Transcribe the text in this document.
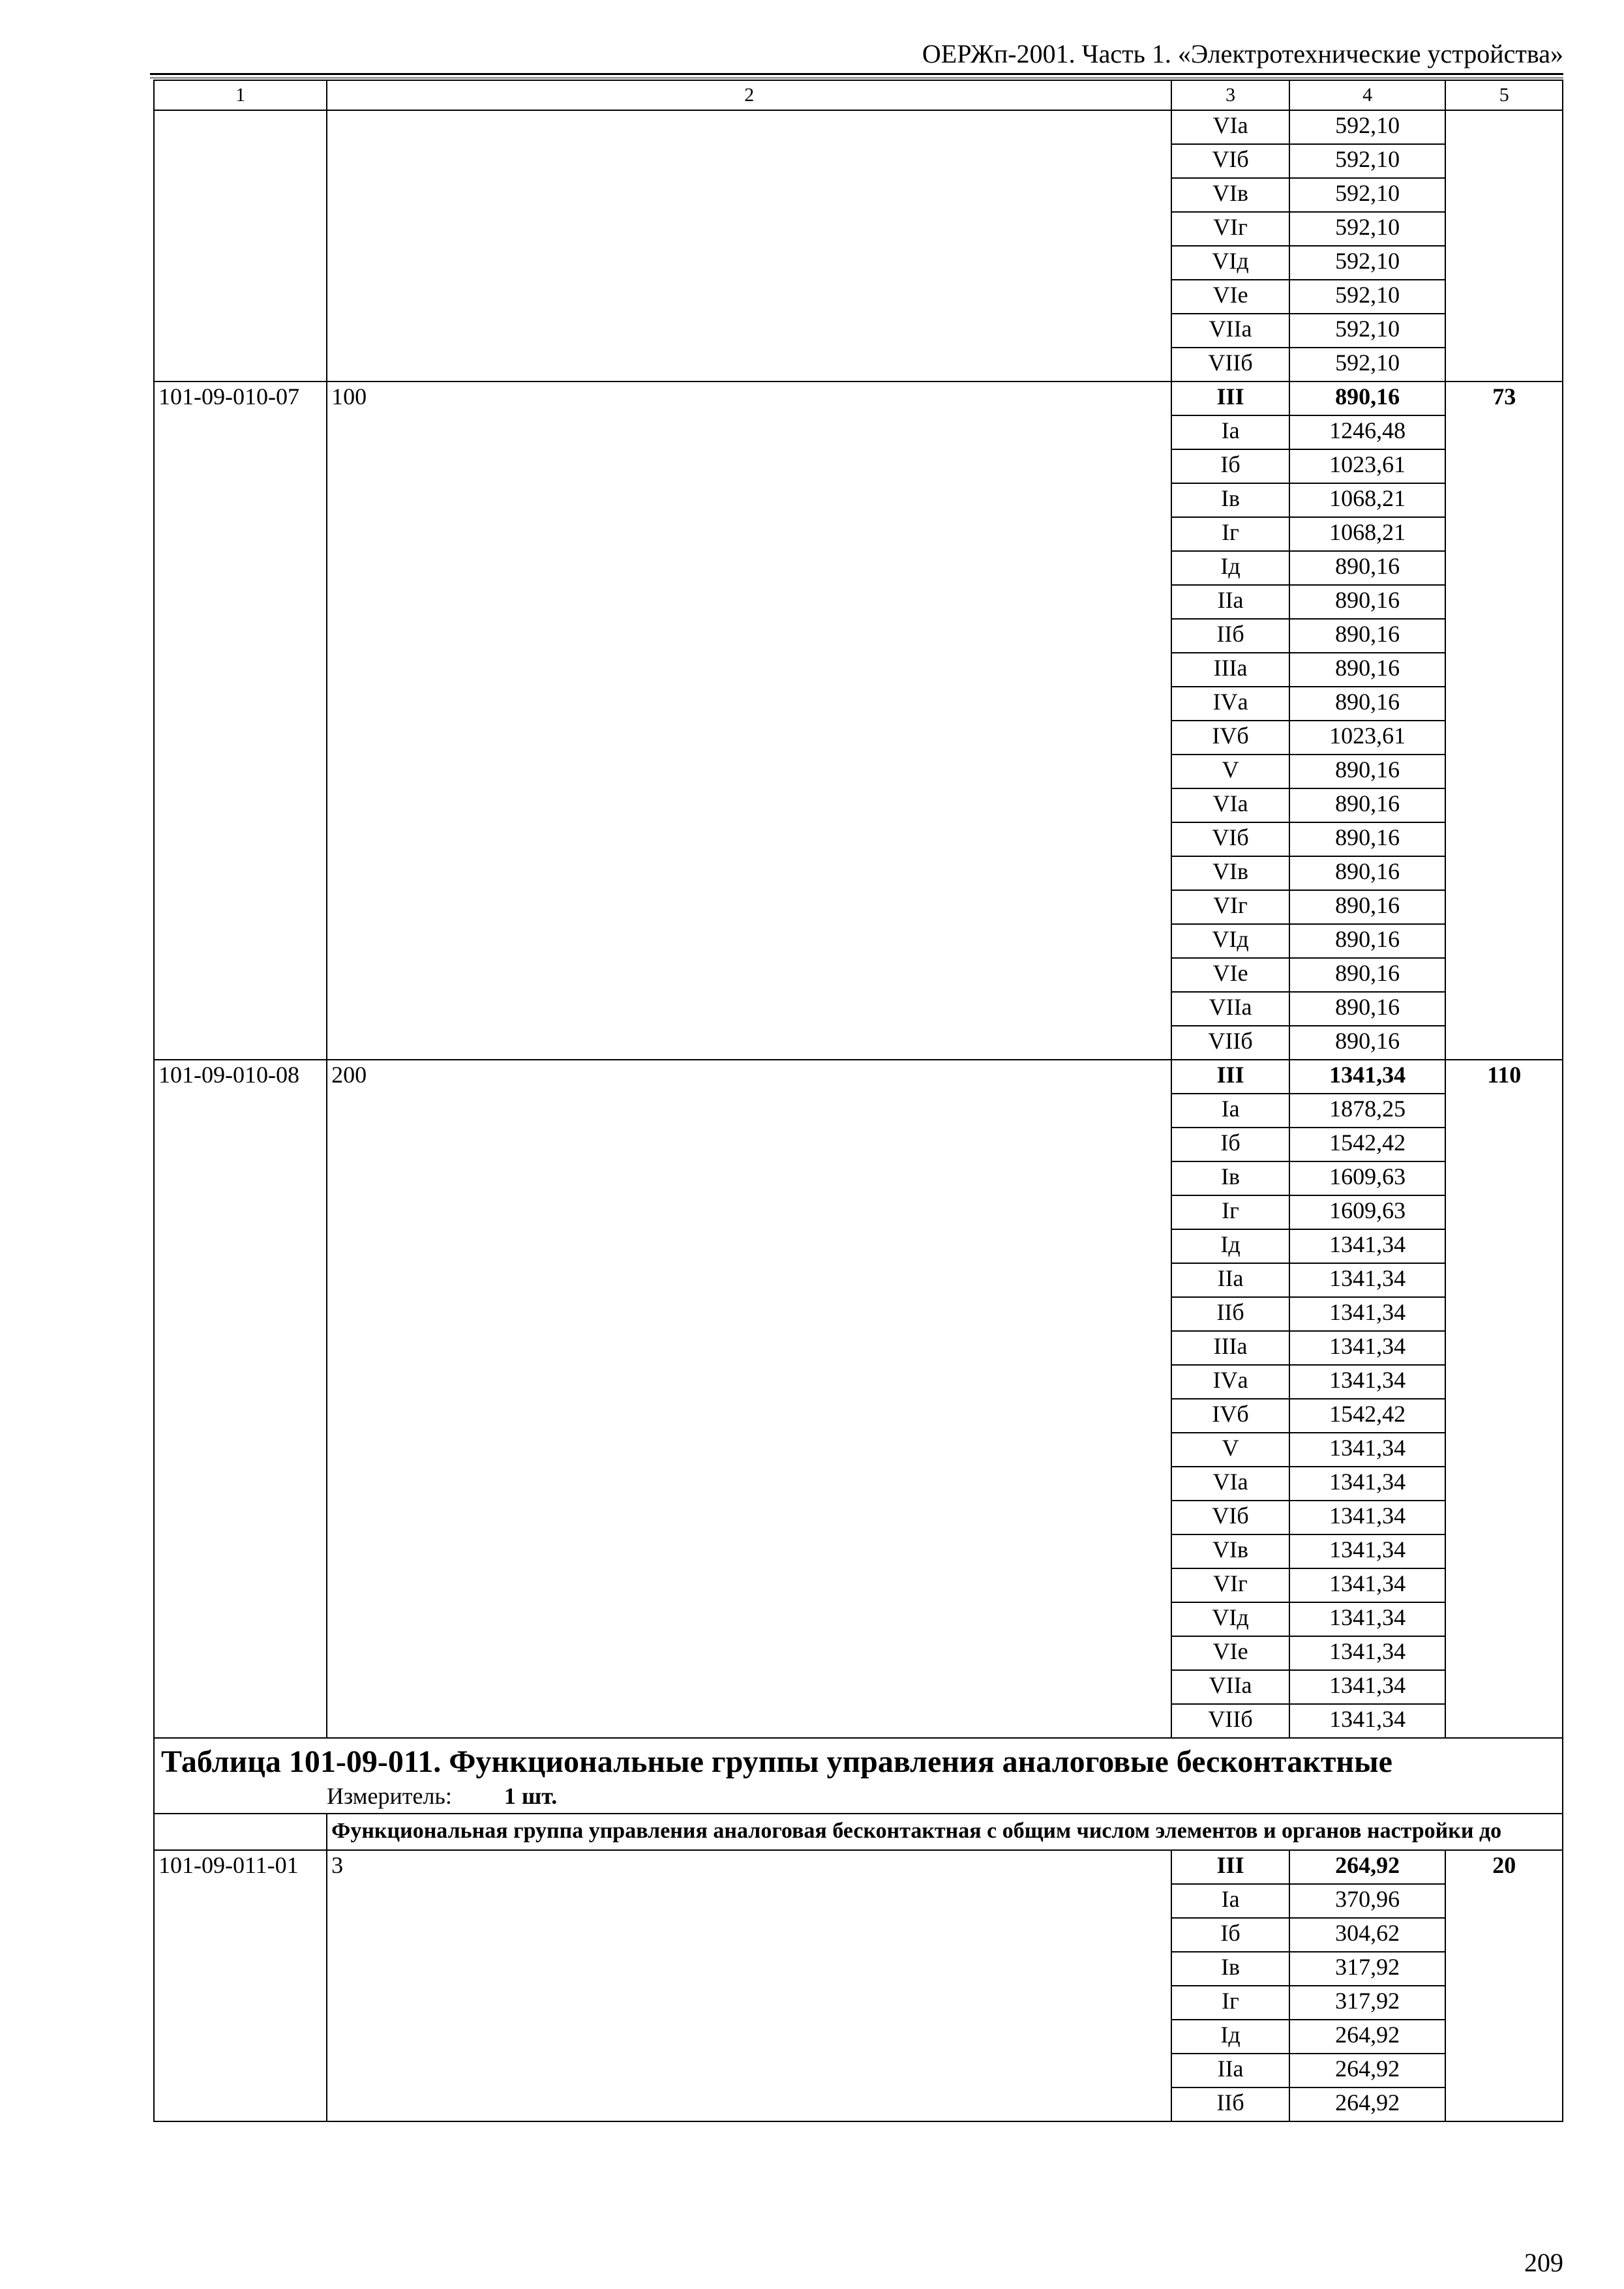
ОЕРЖп-2001. Часть 1. «Электротехнические устройства»
1	2	3	4	5
		VIа	592,10	
		VIб	592,10	
		VIв	592,10	
		VIг	592,10	
		VIд	592,10	
		VIе	592,10	
		VIIа	592,10	
		VIIб	592,10	
101-09-010-07	100	III	890,16	73
		Iа	1246,48	
		Iб	1023,61	
		Iв	1068,21	
		Iг	1068,21	
		Iд	890,16	
		IIа	890,16	
		IIб	890,16	
		IIIа	890,16	
		IVа	890,16	
		IVб	1023,61	
		V	890,16	
		VIа	890,16	
		VIб	890,16	
		VIв	890,16	
		VIг	890,16	
		VIд	890,16	
		VIе	890,16	
		VIIа	890,16	
		VIIб	890,16	
101-09-010-08	200	III	1341,34	110
		Iа	1878,25	
		Iб	1542,42	
		Iв	1609,63	
		Iг	1609,63	
		Iд	1341,34	
		IIа	1341,34	
		IIб	1341,34	
		IIIа	1341,34	
		IVа	1341,34	
		IVб	1542,42	
		V	1341,34	
		VIа	1341,34	
		VIб	1341,34	
		VIв	1341,34	
		VIг	1341,34	
		VIд	1341,34	
		VIе	1341,34	
		VIIа	1341,34	
		VIIб	1341,34	

Таблица 101-09-011. Функциональные группы управления аналоговые бесконтактные
Измеритель: 1 шт.				

	Функциональная группа управления аналоговая бесконтактная с общим числом элементов и органов настройки до			
101-09-011-01	3	III	264,92	20
		Iа	370,96	
		Iб	304,62	
		Iв	317,92	
		Iг	317,92	
		Iд	264,92	
		IIа	264,92	
		IIб	264,92	
209
